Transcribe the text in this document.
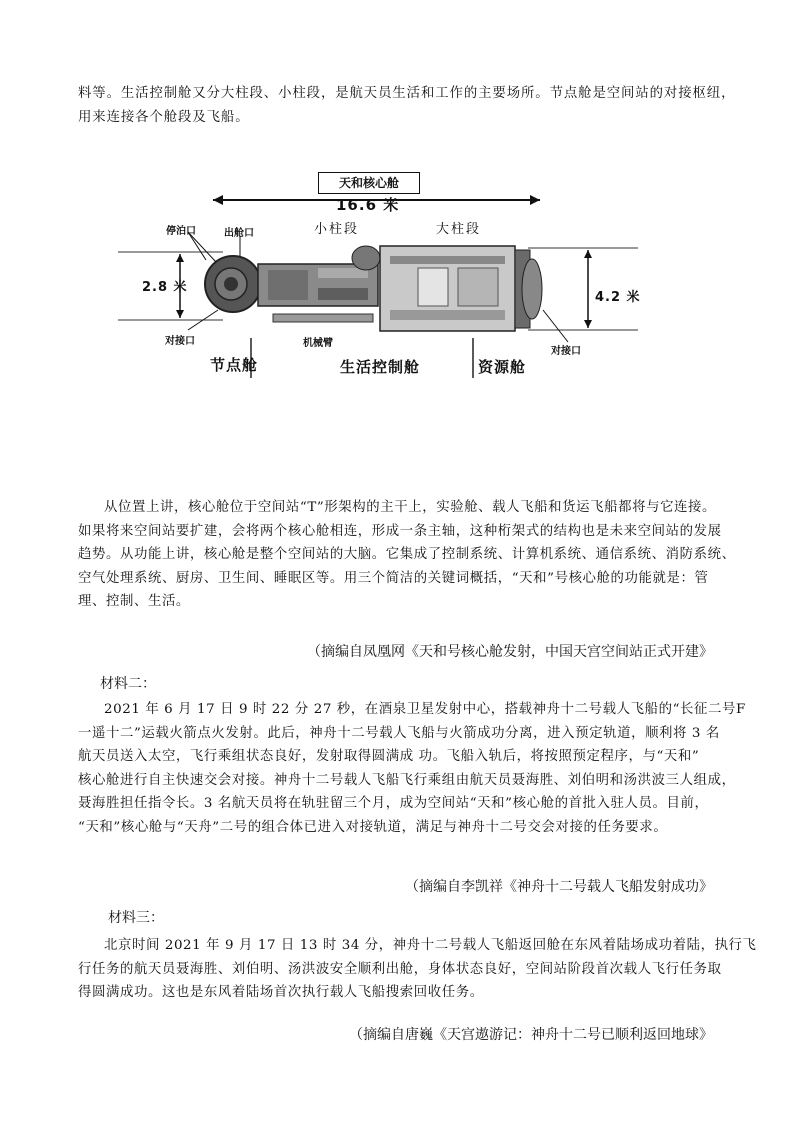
料等。生活控制舱又分大柱段、小柱段，是航天员生活和工作的主要场所。节点舱是空间站的对接枢纽，
用来连接各个舱段及飞船。
天和核心舱
16.6 米
小柱段	大柱段
停泊口	出舱口
2.8 米
4.2 米
对接口	机械臂
对接口
节点舱	生活控制舱	资源舱
从位置上讲，核心舱位于空间站“T”形架构的主干上，实验舱、载人飞船和货运飞船都将与它连接。
如果将来空间站要扩建，会将两个核心舱相连，形成一条主轴，这种桁架式的结构也是未来空间站的发展
趋势。从功能上讲，核心舱是整个空间站的大脑。它集成了控制系统、计算机系统、通信系统、消防系统、
空气处理系统、厨房、卫生间、睡眠区等。用三个简洁的关键词概括，“天和”号核心舱的功能就是：管
理、控制、生活。
（摘编自凤凰网《天和号核心舱发射，中国天宫空间站正式开建》
材料二：
2021 年 6 月 17 日 9 时 22 分 27 秒，在酒泉卫星发射中心，搭载神舟十二号载人飞船的“长征二号F
一遥十二”运载火箭点火发射。此后，神舟十二号载人飞船与火箭成功分离，进入预定轨道，顺利将 3 名
航天员送入太空，飞行乘组状态良好，发射取得圆满成 功。飞船入轨后，将按照预定程序，与“天和”
核心舱进行自主快速交会对接。神舟十二号载人飞船飞行乘组由航天员聂海胜、刘伯明和汤洪波三人组成，
聂海胜担任指令长。3 名航天员将在轨驻留三个月，成为空间站“天和”核心舱的首批入驻人员。目前，
“天和”核心舱与“天舟”二号的组合体已进入对接轨道，满足与神舟十二号交会对接的任务要求。
（摘编自李凯祥《神舟十二号载人飞船发射成功》
材料三：
北京时间 2021 年 9 月 17 日 13 时 34 分，神舟十二号载人飞船返回舱在东风着陆场成功着陆，执行飞
行任务的航天员聂海胜、刘伯明、汤洪波安全顺利出舱，身体状态良好，空间站阶段首次载人飞行任务取
得圆满成功。这也是东风着陆场首次执行载人飞船搜索回收任务。
（摘编自唐巍《天宫遨游记：神舟十二号已顺利返回地球》
